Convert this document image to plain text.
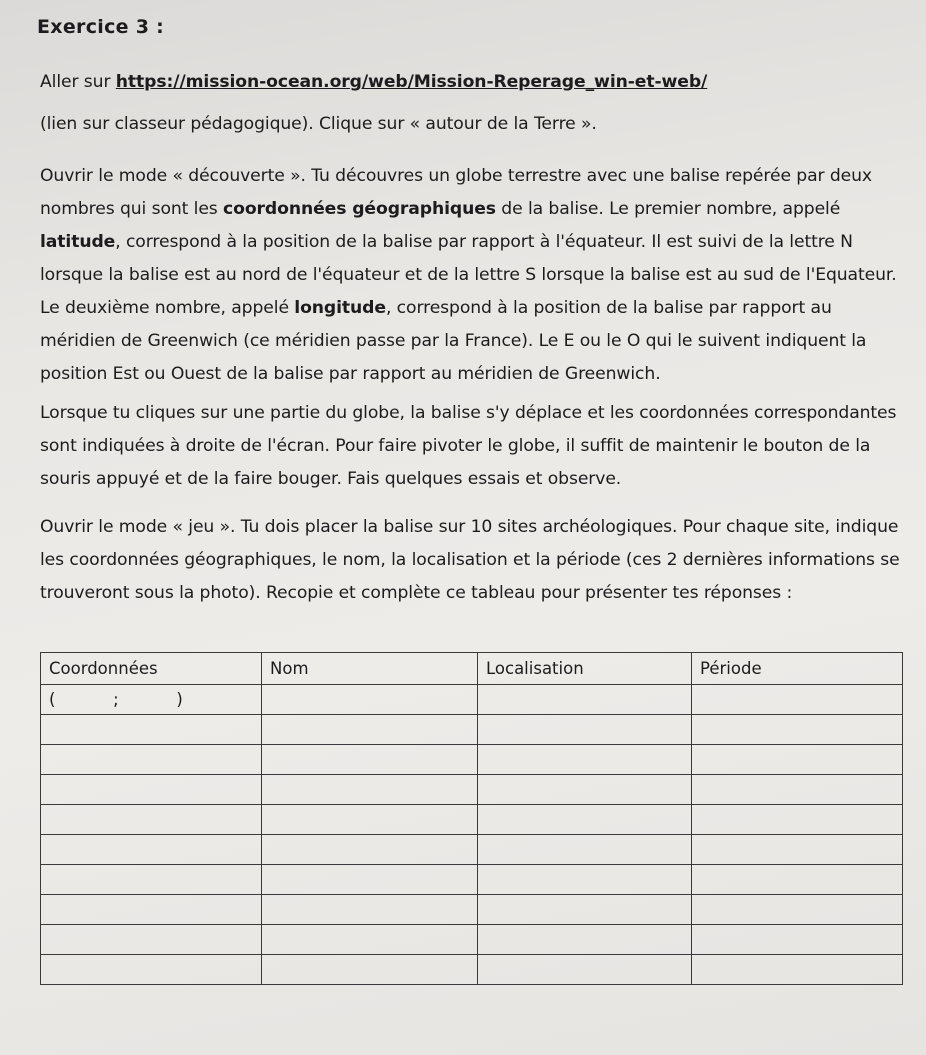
Exercice 3 :
Aller sur https://mission-ocean.org/web/Mission-Reperage_win-et-web/
(lien sur classeur pédagogique). Clique sur « autour de la Terre ».
Ouvrir le mode « découverte ». Tu découvres un globe terrestre avec une balise repérée par deux nombres qui sont les coordonnées géographiques de la balise. Le premier nombre, appelé latitude, correspond à la position de la balise par rapport à l'équateur. Il est suivi de la lettre N lorsque la balise est au nord de l'équateur et de la lettre S lorsque la balise est au sud de l'Equateur. Le deuxième nombre, appelé longitude, correspond à la position de la balise par rapport au méridien de Greenwich (ce méridien passe par la France). Le E ou le O qui le suivent indiquent la position Est ou Ouest de la balise par rapport au méridien de Greenwich.
Lorsque tu cliques sur une partie du globe, la balise s'y déplace et les coordonnées correspondantes sont indiquées à droite de l'écran. Pour faire pivoter le globe, il suffit de maintenir le bouton de la souris appuyé et de la faire bouger. Fais quelques essais et observe.
Ouvrir le mode « jeu ». Tu dois placer la balise sur 10 sites archéologiques. Pour chaque site, indique les coordonnées géographiques, le nom, la localisation et la période (ces 2 dernières informations se trouveront sous la photo). Recopie et complète ce tableau pour présenter tes réponses :
Coordonnées	Nom	Localisation	Période
(           ;           )			
